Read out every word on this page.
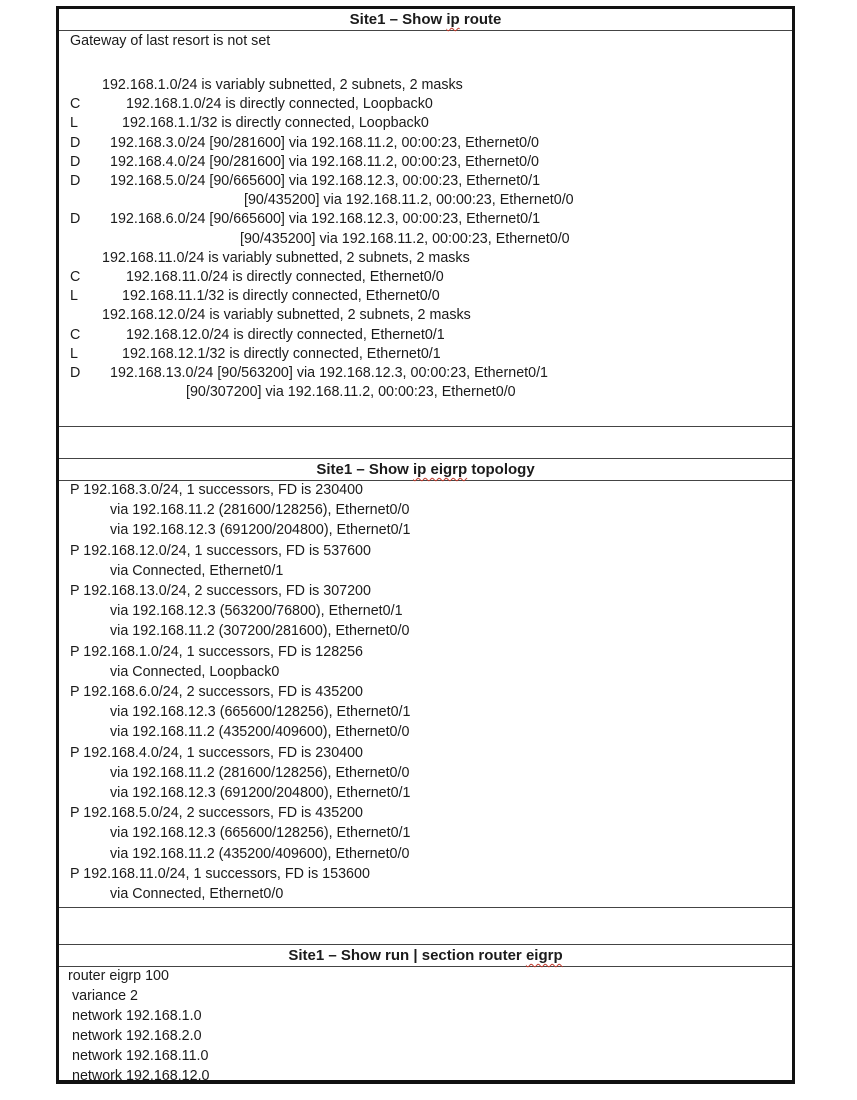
Site1 – Show ip route
Gateway of last resort is not set
192.168.1.0/24 is variably subnetted, 2 subnets, 2 masks
C	192.168.1.0/24 is directly connected, Loopback0
L	192.168.1.1/32 is directly connected, Loopback0
D 192.168.3.0/24 [90/281600] via 192.168.11.2, 00:00:23, Ethernet0/0
D 192.168.4.0/24 [90/281600] via 192.168.11.2, 00:00:23, Ethernet0/0
D 192.168.5.0/24 [90/665600] via 192.168.12.3, 00:00:23, Ethernet0/1
[90/435200] via 192.168.11.2, 00:00:23, Ethernet0/0
D 192.168.6.0/24 [90/665600] via 192.168.12.3, 00:00:23, Ethernet0/1
[90/435200] via 192.168.11.2, 00:00:23, Ethernet0/0
192.168.11.0/24 is variably subnetted, 2 subnets, 2 masks
C	192.168.11.0/24 is directly connected, Ethernet0/0
L	192.168.11.1/32 is directly connected, Ethernet0/0
192.168.12.0/24 is variably subnetted, 2 subnets, 2 masks
C	192.168.12.0/24 is directly connected, Ethernet0/1
L	192.168.12.1/32 is directly connected, Ethernet0/1
D 192.168.13.0/24 [90/563200] via 192.168.12.3, 00:00:23, Ethernet0/1
[90/307200] via 192.168.11.2, 00:00:23, Ethernet0/0
Site1 – Show ip eigrp topology
P 192.168.3.0/24, 1 successors, FD is 230400
via 192.168.11.2 (281600/128256), Ethernet0/0
via 192.168.12.3 (691200/204800), Ethernet0/1
P 192.168.12.0/24, 1 successors, FD is 537600
via Connected, Ethernet0/1
P 192.168.13.0/24, 2 successors, FD is 307200
via 192.168.12.3 (563200/76800), Ethernet0/1
via 192.168.11.2 (307200/281600), Ethernet0/0
P 192.168.1.0/24, 1 successors, FD is 128256
via Connected, Loopback0
P 192.168.6.0/24, 2 successors, FD is 435200
via 192.168.12.3 (665600/128256), Ethernet0/1
via 192.168.11.2 (435200/409600), Ethernet0/0
P 192.168.4.0/24, 1 successors, FD is 230400
via 192.168.11.2 (281600/128256), Ethernet0/0
via 192.168.12.3 (691200/204800), Ethernet0/1
P 192.168.5.0/24, 2 successors, FD is 435200
via 192.168.12.3 (665600/128256), Ethernet0/1
via 192.168.11.2 (435200/409600), Ethernet0/0
P 192.168.11.0/24, 1 successors, FD is 153600
via Connected, Ethernet0/0
Site1 – Show run | section router eigrp
router eigrp 100
variance 2
network 192.168.1.0
network 192.168.2.0
network 192.168.11.0
network 192.168.12.0
